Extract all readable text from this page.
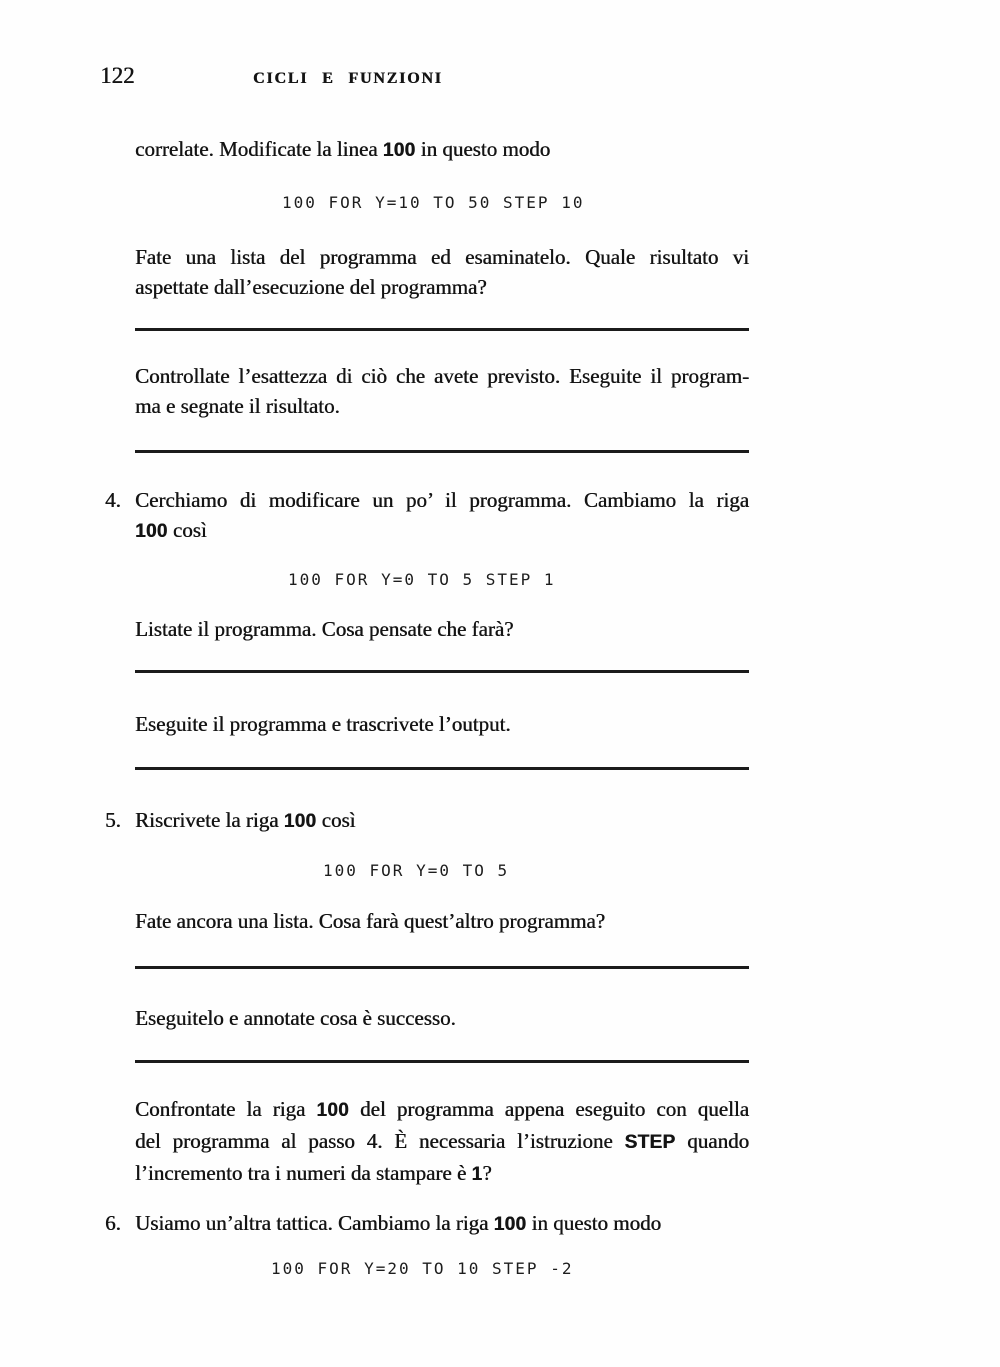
122	CICLI E FUNZIONI

correlate. Modificate la linea 100 in questo modo

100 FOR Y=10 TO 50 STEP 10

Fate una lista del programma ed esaminatelo. Quale risultato vi

aspettate dall’esecuzione del programma?

Controllate l’esattezza di ciò che avete previsto. Eseguite il program-

ma e segnate il risultato.

4. Cerchiamo di modificare un po’ il programma. Cambiamo la riga

100 così

100 FOR Y=0 TO 5 STEP 1

Listate il programma. Cosa pensate che farà?

Eseguite il programma e trascrivete l’output.

5. Riscrivete la riga 100 così

100 FOR Y=0 TO 5

Fate ancora una lista. Cosa farà quest’altro programma?

Eseguitelo e annotate cosa è successo.

Confrontate la riga 100 del programma appena eseguito con quella

del programma al passo 4. È necessaria l’istruzione STEP quando

l’incremento tra i numeri da stampare è 1?

6. Usiamo un’altra tattica. Cambiamo la riga 100 in questo modo

100 FOR Y=20 TO 10 STEP -2
